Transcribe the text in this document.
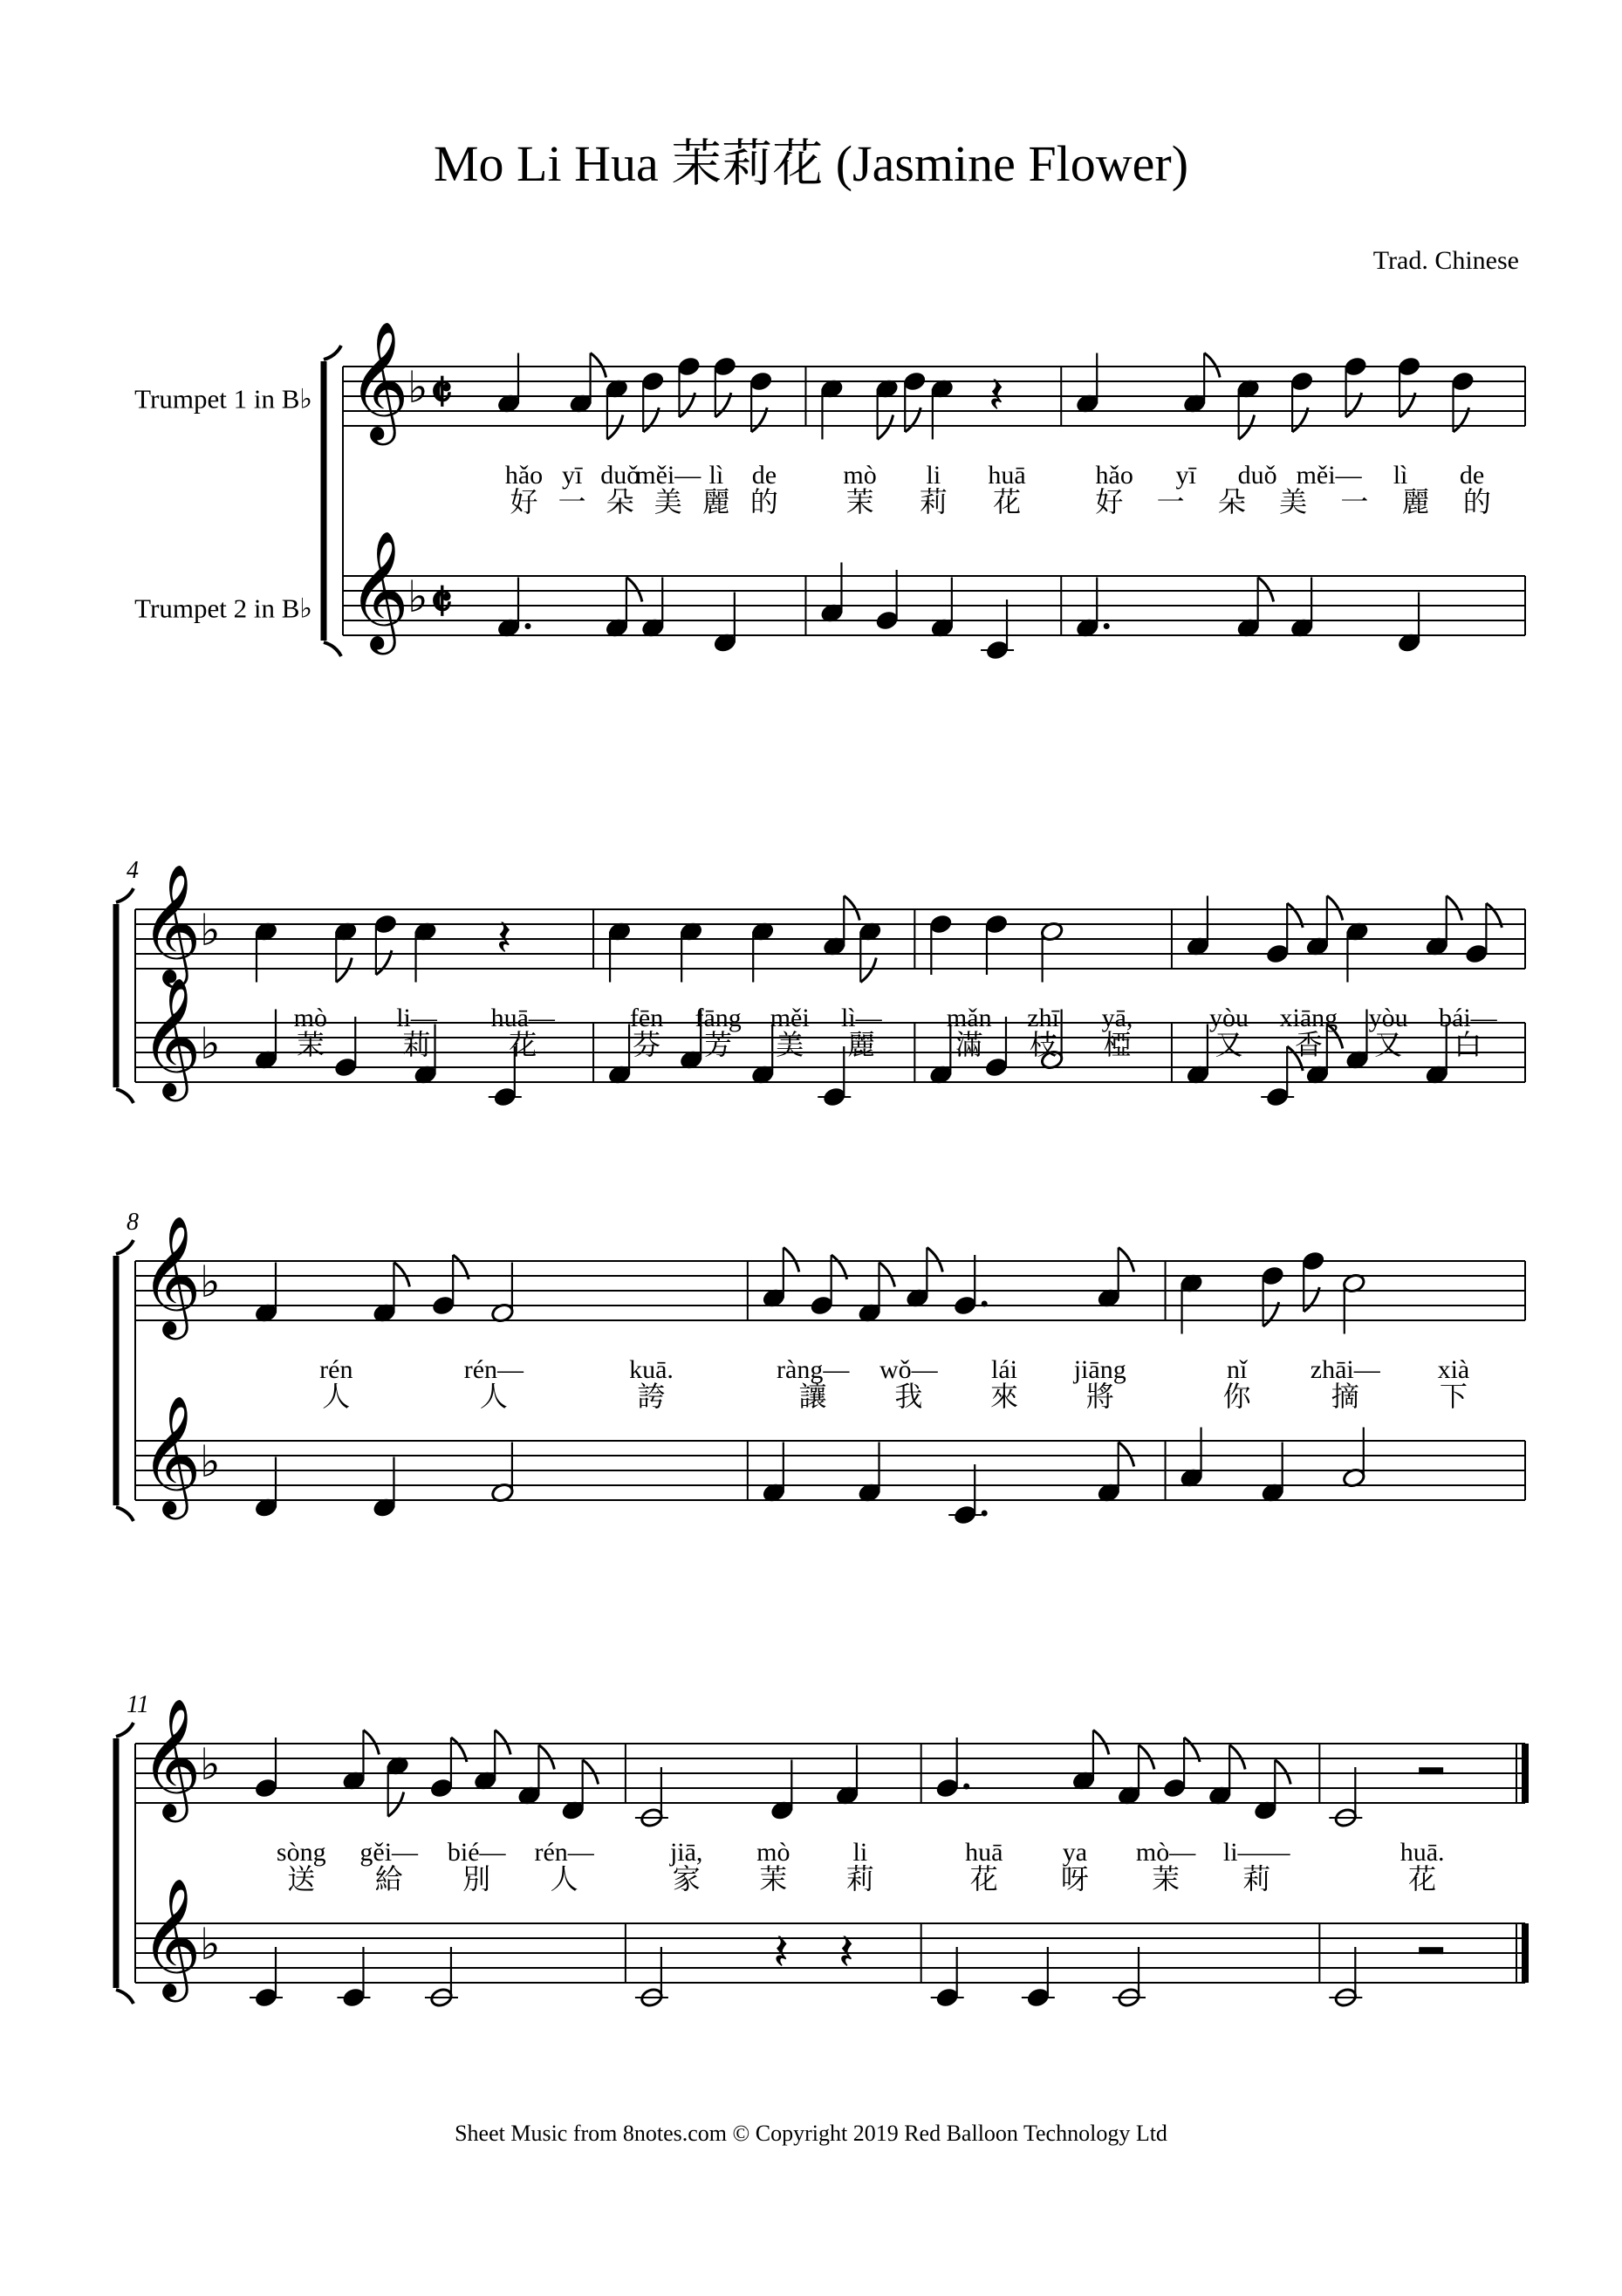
Mo Li Hua 茉莉花 (Jasmine Flower)
Trad. Chinese
𝄞
♭ 𝄵
𝄞
♭ 𝄵
Trumpet 1 in B♭
Trumpet 2 in B♭
hǎo yī duǒ
měi— lì de
好 一 朵 美 麗 的
𝄽
mò li huā
茉 莉 花
hǎo yī duǒ měi— lì de
好 一 朵 美 一 麗 的
𝄞
♭
𝄞
♭
4
𝄽
mò	li— huā—
茉	莉	花
fēn fāng měi lì—
芬 芳 美 麗
mǎn zhī yā,
滿 枝 椏
yòu xiāng yòu bái—
又 香 又 白
𝄞
♭
𝄞
♭
8
rén	rén—	kuā.
人	人	誇
ràng— wǒ— lái jiāng
讓 我 來 將
nǐ zhāi— xià
你	摘	下
𝄞
♭
𝄞
♭
11
sòng gěi— bié— rén—
送 給 別 人
𝄽 𝄽
jiā, mò li
家 茉 莉
huā ya mò— li——
花 呀 茉 莉
huā.
花
Sheet Music from 8notes.com © Copyright 2019 Red Balloon Technology Ltd
